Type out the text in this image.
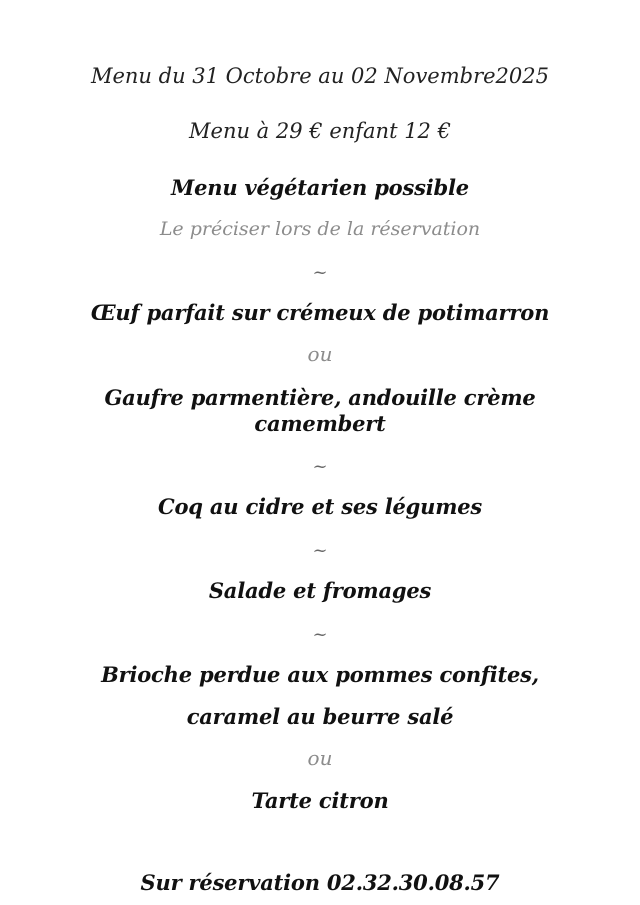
Menu du 31 Octobre au 02 Novembre2025
Menu à 29 € enfant 12 €
Menu végétarien possible
Le préciser lors de la réservation
~
Œuf parfait sur crémeux de potimarron
ou
Gaufre parmentière, andouille crème
camembert
~
Coq au cidre et ses légumes
~
Salade et fromages
~
Brioche perdue aux pommes confites,
caramel au beurre salé
ou
Tarte citron
Sur réservation 02.32.30.08.57
